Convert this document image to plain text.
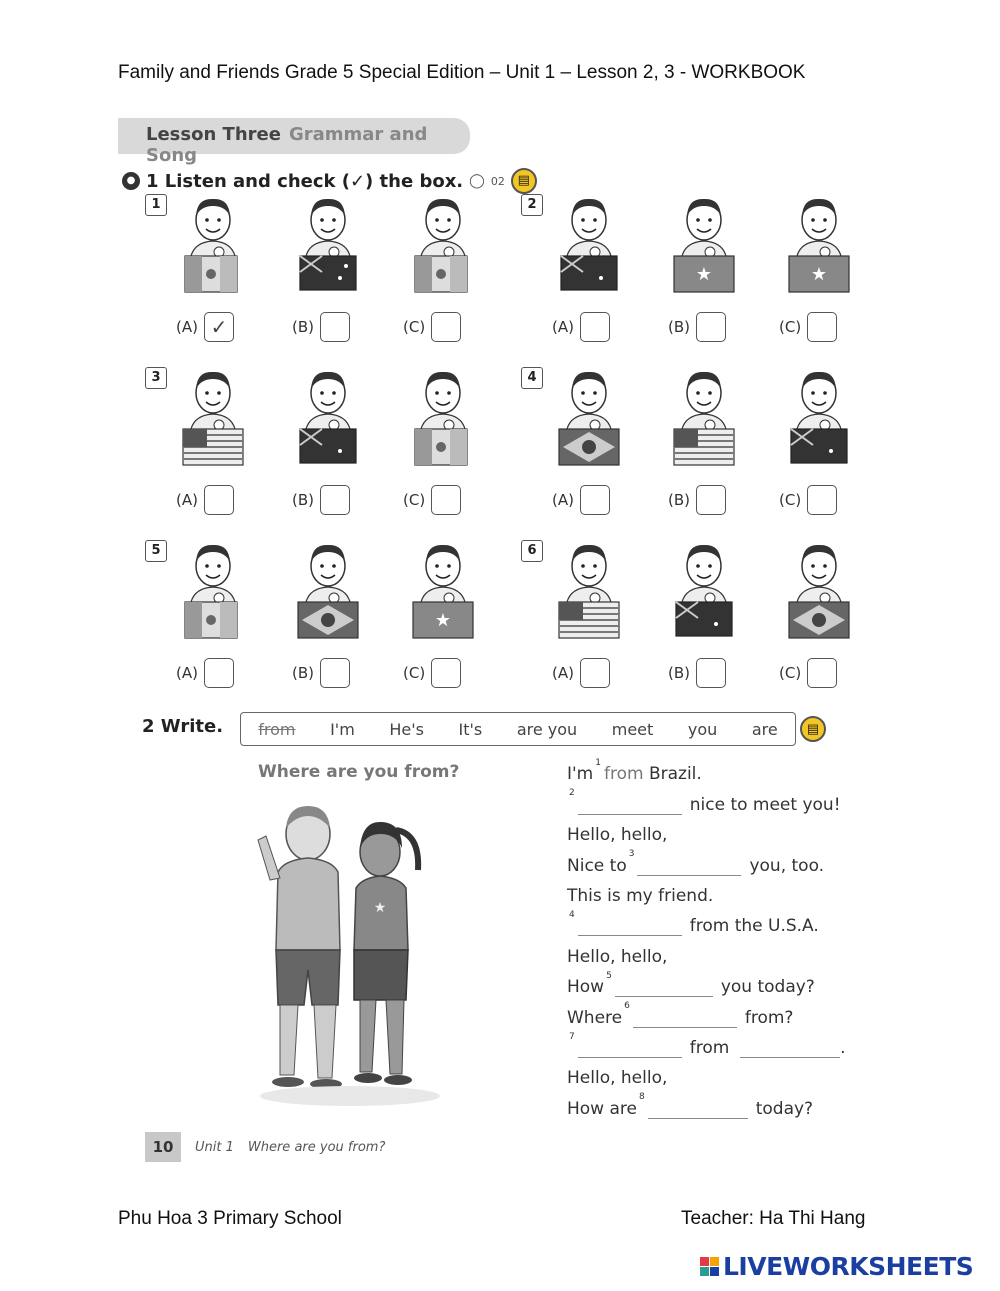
Family and Friends Grade 5 Special Edition – Unit 1 – Lesson 2, 3 - WORKBOOK
Lesson Three Grammar and Song
● 1 Listen and check (✓) the box. ◯ 02 ▤
1
(A) ✓	(B)	(C)
2
★	★
(A)	(B)	(C)
3
(A)	(B)	(C)
4
(A)	(B)	(C)
5
★
(A)	(B)	(C)
6
(A)	(B)	(C)
2 Write. from I'm He's It's are you meet you are	▤
Where are you from?
★
I'm
$^1$
from
Brazil.
2
nice to meet you!
Hello, hello,
Nice to
$^3$
you, too.
This is my friend.
4
from the U.S.A.
Hello, hello,
How
$^5$
you today?
Where
$^6$
from?
7
from
	.
Hello, hello,
How are
$^8$
today?
10	Unit 1 Where are you from?
Phu Hoa 3 Primary School	Teacher: Ha Thi Hang
LIVEWORKSHEETS
